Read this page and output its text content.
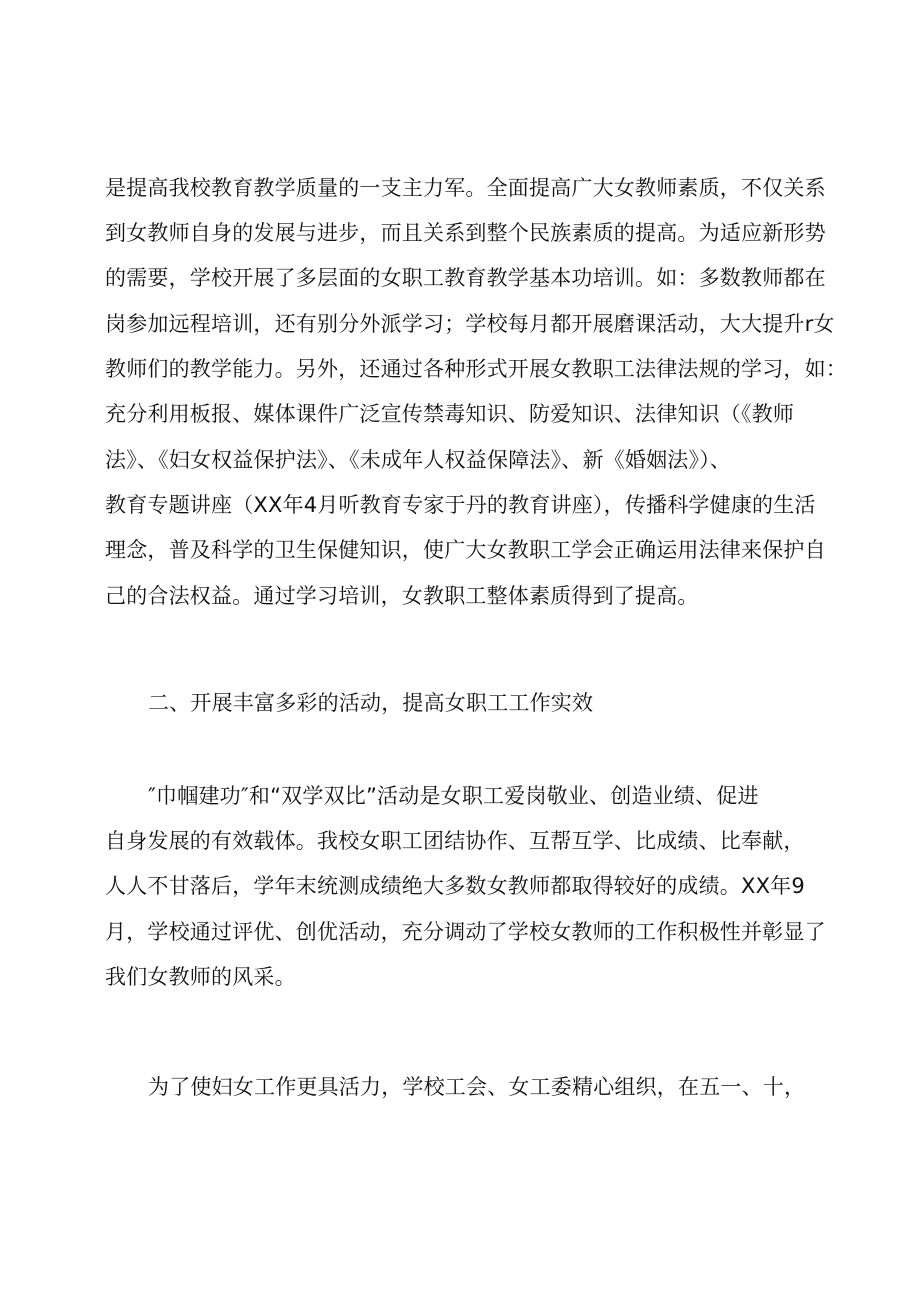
是提高我校教育教学质量的一支主力军。全面提高广大女教师素质，不仅关系
到女教师自身的发展与进步，而且关系到整个民族素质的提高。为适应新形势
的需要，学校开展了多层面的女职工教育教学基本功培训。如：多数教师都在
岗参加远程培训，还有别分外派学习；学校每月都开展磨课活动，大大提升r女
教师们的教学能力。另外，还通过各种形式开展女教职工法律法规的学习，如：
充分利用板报、媒体课件广泛宣传禁毒知识、防爱知识、法律知识（《教师
法》、《妇女权益保护法》、《未成年人权益保障法》、新《婚姻法》）、
教育专题讲座（XX年4月听教育专家于丹的教育讲座），传播科学健康的生活
理念，普及科学的卫生保健知识，使广大女教职工学会正确运用法律来保护自
己的合法权益。通过学习培训，女教职工整体素质得到了提高。
二、开展丰富多彩的活动，提高女职工工作实效
″巾帼建功″和“双学双比”活动是女职工爱岗敬业、创造业绩、促进
自身发展的有效载体。我校女职工团结协作、互帮互学、比成绩、比奉献，
人人不甘落后，学年末统测成绩绝大多数女教师都取得较好的成绩。XX年9
月，学校通过评优、创优活动，充分调动了学校女教师的工作积极性并彰显了
我们女教师的风采。
为了使妇女工作更具活力，学校工会、女工委精心组织，在五一、十，
